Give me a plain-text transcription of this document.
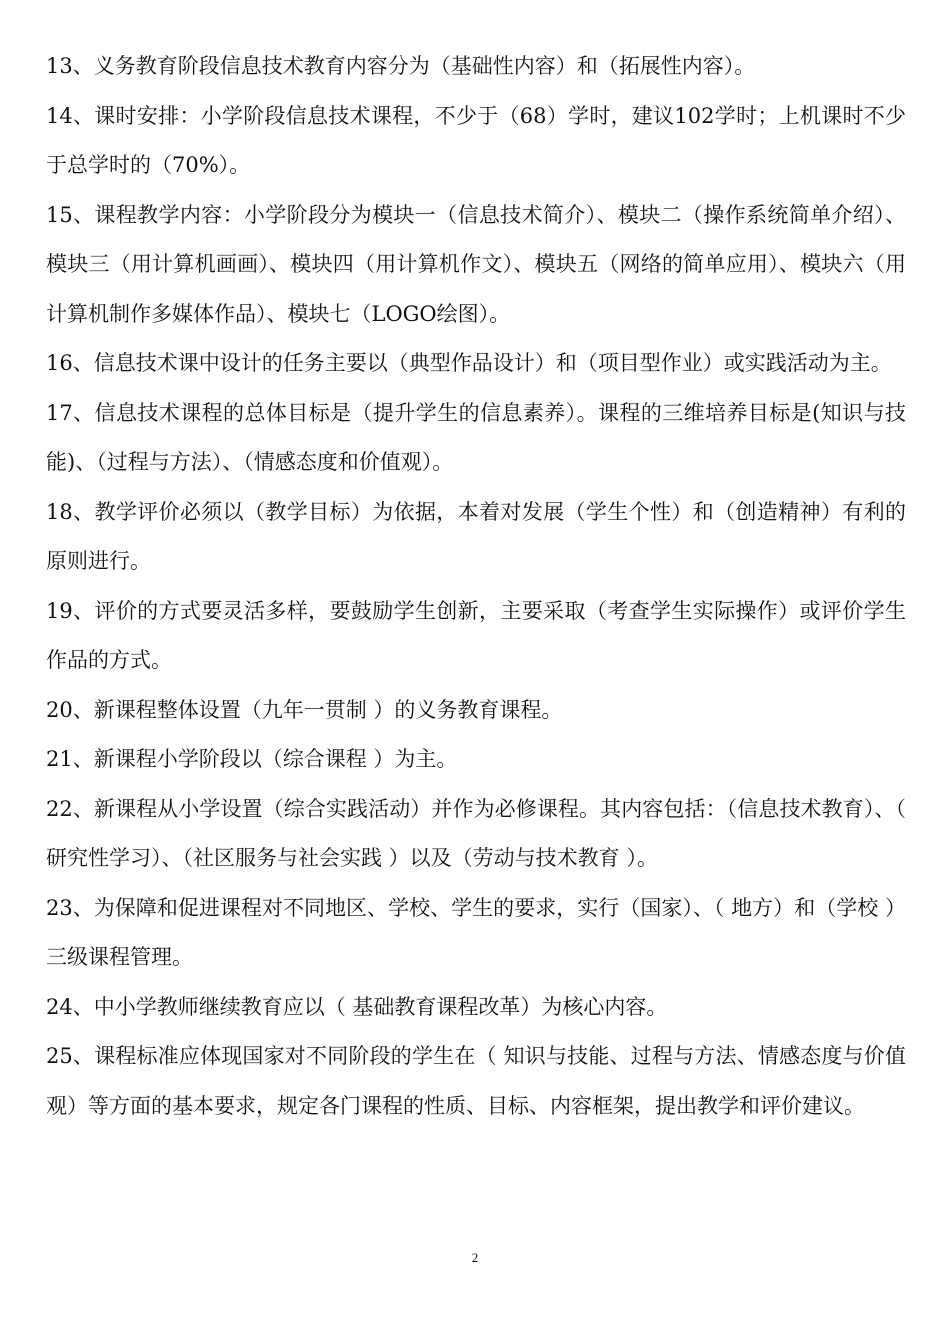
13、义务教育阶段信息技术教育内容分为（基础性内容）和（拓展性内容）。

14、课时安排：小学阶段信息技术课程，不少于（68）学时，建议102学时；上机课时不少于总学时的（70%）。

15、课程教学内容：小学阶段分为模块一（信息技术简介）、模块二（操作系统简单介绍）、模块三（用计算机画画）、模块四（用计算机作文）、模块五（网络的简单应用）、模块六（用计算机制作多媒体作品）、模块七（LOGO绘图）。

16、信息技术课中设计的任务主要以（典型作品设计）和（项目型作业）或实践活动为主。

17、信息技术课程的总体目标是（提升学生的信息素养）。课程的三维培养目标是(知识与技能)、（过程与方法）、（情感态度和价值观）。

18、教学评价必须以（教学目标）为依据，本着对发展（学生个性）和（创造精神）有利的原则进行。

19、评价的方式要灵活多样，要鼓励学生创新，主要采取（考查学生实际操作）或评价学生作品的方式。

20、新课程整体设置（九年一贯制 ）的义务教育课程。

21、新课程小学阶段以（综合课程 ）为主。

22、新课程从小学设置（综合实践活动）并作为必修课程。其内容包括：（信息技术教育）、（ 研究性学习）、（社区服务与社会实践 ）以及（劳动与技术教育 ）。

23、为保障和促进课程对不同地区、学校、学生的要求，实行（国家）、（ 地方）和（学校 ）三级课程管理。

24、中小学教师继续教育应以（ 基础教育课程改革）为核心内容。

25、课程标准应体现国家对不同阶段的学生在（ 知识与技能、过程与方法、情感态度与价值观）等方面的基本要求，规定各门课程的性质、目标、内容框架，提出教学和评价建议。

2
